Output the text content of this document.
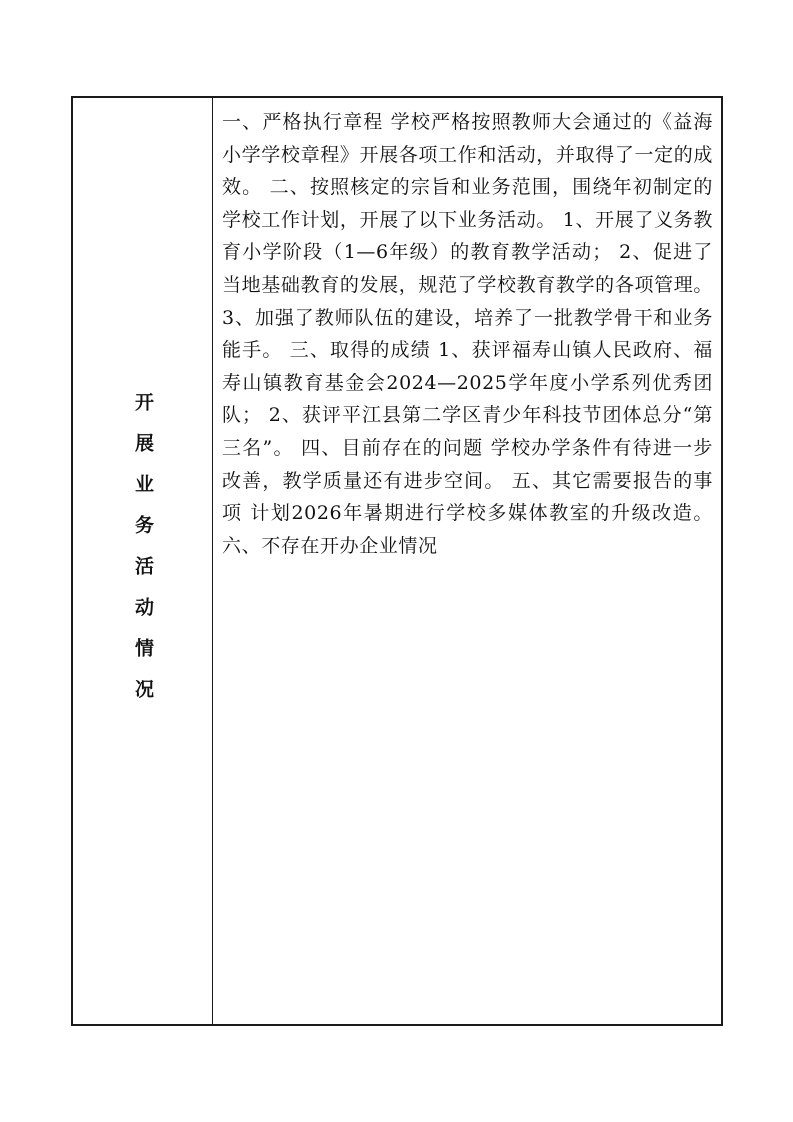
开展业务活动情况

一、严格执行章程 学校严格按照教师大会通过的《益海小学学校章程》开展各项工作和活动，并取得了一定的成效。 二、按照核定的宗旨和业务范围，围绕年初制定的学校工作计划，开展了以下业务活动。 1、开展了义务教育小学阶段（1—6年级）的教育教学活动； 2、促进了当地基础教育的发展，规范了学校教育教学的各项管理。 3、加强了教师队伍的建设，培养了一批教学骨干和业务能手。 三、取得的成绩 1、获评福寿山镇人民政府、福寿山镇教育基金会2024—2025学年度小学系列优秀团队； 2、获评平江县第二学区青少年科技节团体总分“第三名”。 四、目前存在的问题 学校办学条件有待进一步改善，教学质量还有进步空间。 五、其它需要报告的事项 计划2026年暑期进行学校多媒体教室的升级改造。 六、不存在开办企业情况
